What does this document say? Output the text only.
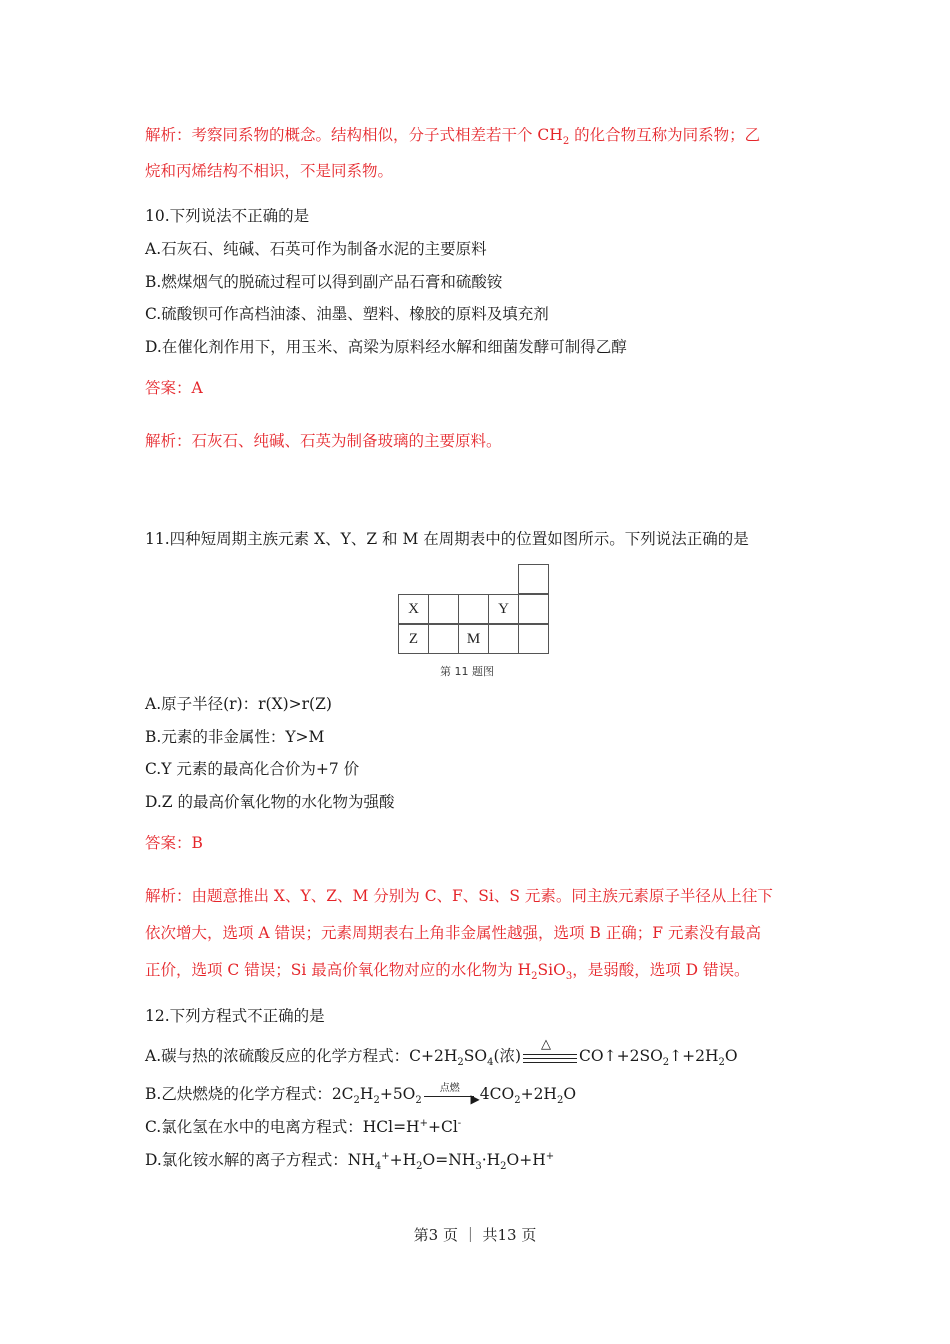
解析：考察同系物的概念。结构相似，分子式相差若干个 $CH_2$ 的化合物互称为同系物；乙
烷和丙烯结构不相识，不是同系物。
10.下列说法不正确的是
A.石灰石、纯碱、石英可作为制备水泥的主要原料
B.燃煤烟气的脱硫过程可以得到副产品石膏和硫酸铵
C.硫酸钡可作高档油漆、油墨、塑料、橡胶的原料及填充剂
D.在催化剂作用下，用玉米、高梁为原料经水解和细菌发酵可制得乙醇
答案：A
解析：石灰石、纯碱、石英为制备玻璃的主要原料。
11.四种短周期主族元素 X、Y、Z 和 M 在周期表中的位置如图所示。下列说法正确的是
X	Y
Z	M
第 11 题图
A.原子半径(r)：r(X)>r(Z)
B.元素的非金属性：Y>M
C.Y 元素的最高化合价为+7 价
D.Z 的最高价氧化物的水化物为强酸
答案：B
解析：由题意推出 X、Y、Z、M 分别为 C、F、Si、S 元素。同主族元素原子半径从上往下
依次增大，选项 A 错误；元素周期表右上角非金属性越强，选项 B 正确；F 元素没有最高
正价，选项 C 错误；Si 最高价氧化物对应的水化物为 $H_2SiO_3$，是弱酸，选项 D 错误。
12.下列方程式不正确的是
A.碳与热的浓硫酸反应的化学方程式：$C+2H_2SO_4$(浓)
△
$CO↑+2SO_2↑+2H_2O$
B.乙炔燃烧的化学方程式：$2C_2H_2+5O_2$
点燃
▶ $4CO_2+2H_2O$
C.氯化氢在水中的电离方程式：HCl=H++Cl-
D.氯化铵水解的离子方程式：$NH_4^++H_2O=NH_3\cdot H_2O+H^+$
第3 页 ｜ 共13 页
